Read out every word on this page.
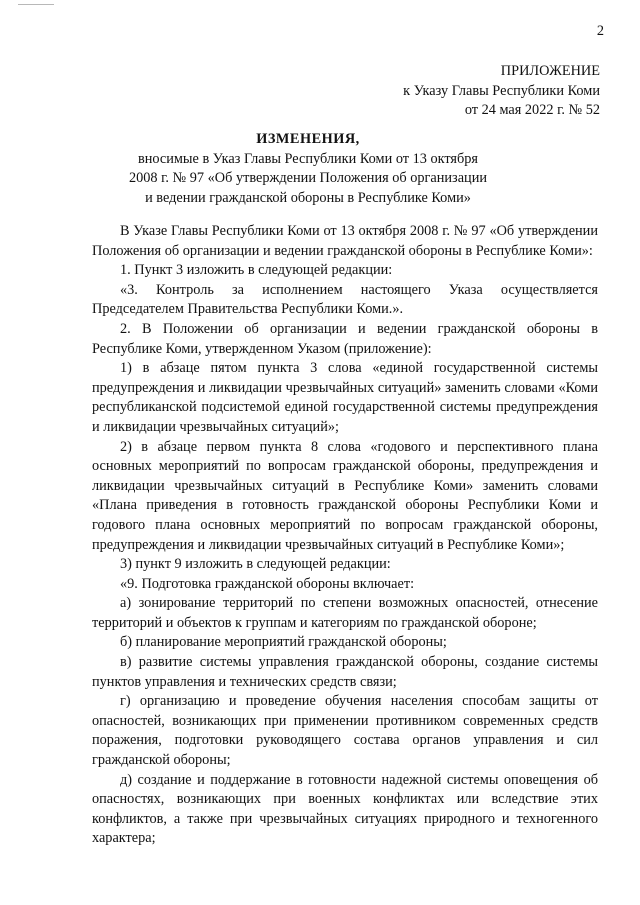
2
ПРИЛОЖЕНИЕ
к Указу Главы Республики Коми
от 24 мая 2022 г. № 52
ИЗМЕНЕНИЯ,
вносимые в Указ Главы Республики Коми от 13 октября
2008 г. № 97 «Об утверждении Положения об организации
и ведении гражданской обороны в Республике Коми»

В Указе Главы Республики Коми от 13 октября 2008 г. № 97 «Об утверждении Положения об организации и ведении гражданской обороны в Республике Коми»:

1. Пункт 3 изложить в следующей редакции:

«3. Контроль за исполнением настоящего Указа осуществляется Председателем Правительства Республики Коми.».

2. В Положении об организации и ведении гражданской обороны в Республике Коми, утвержденном Указом (приложение):

1) в абзаце пятом пункта 3 слова «единой государственной системы предупреждения и ликвидации чрезвычайных ситуаций» заменить словами «Коми республиканской подсистемой единой государственной системы предупреждения и ликвидации чрезвычайных ситуаций»;

2) в абзаце первом пункта 8 слова «годового и перспективного плана основных мероприятий по вопросам гражданской обороны, предупреждения и ликвидации чрезвычайных ситуаций в Республике Коми» заменить словами «Плана приведения в готовность гражданской обороны Республики Коми и годового плана основных мероприятий по вопросам гражданской обороны, предупреждения и ликвидации чрезвычайных ситуаций в Республике Коми»;

3) пункт 9 изложить в следующей редакции:

«9. Подготовка гражданской обороны включает:

а) зонирование территорий по степени возможных опасностей, отнесение территорий и объектов к группам и категориям по гражданской обороне;

б) планирование мероприятий гражданской обороны;

в) развитие системы управления гражданской обороны, создание системы пунктов управления и технических средств связи;

г) организацию и проведение обучения населения способам защиты от опасностей, возникающих при применении противником современных средств поражения, подготовки руководящего состава органов управления и сил гражданской обороны;

д) создание и поддержание в готовности надежной системы оповещения об опасностях, возникающих при военных конфликтах или вследствие этих конфликтов, а также при чрезвычайных ситуациях природного и техногенного характера;
